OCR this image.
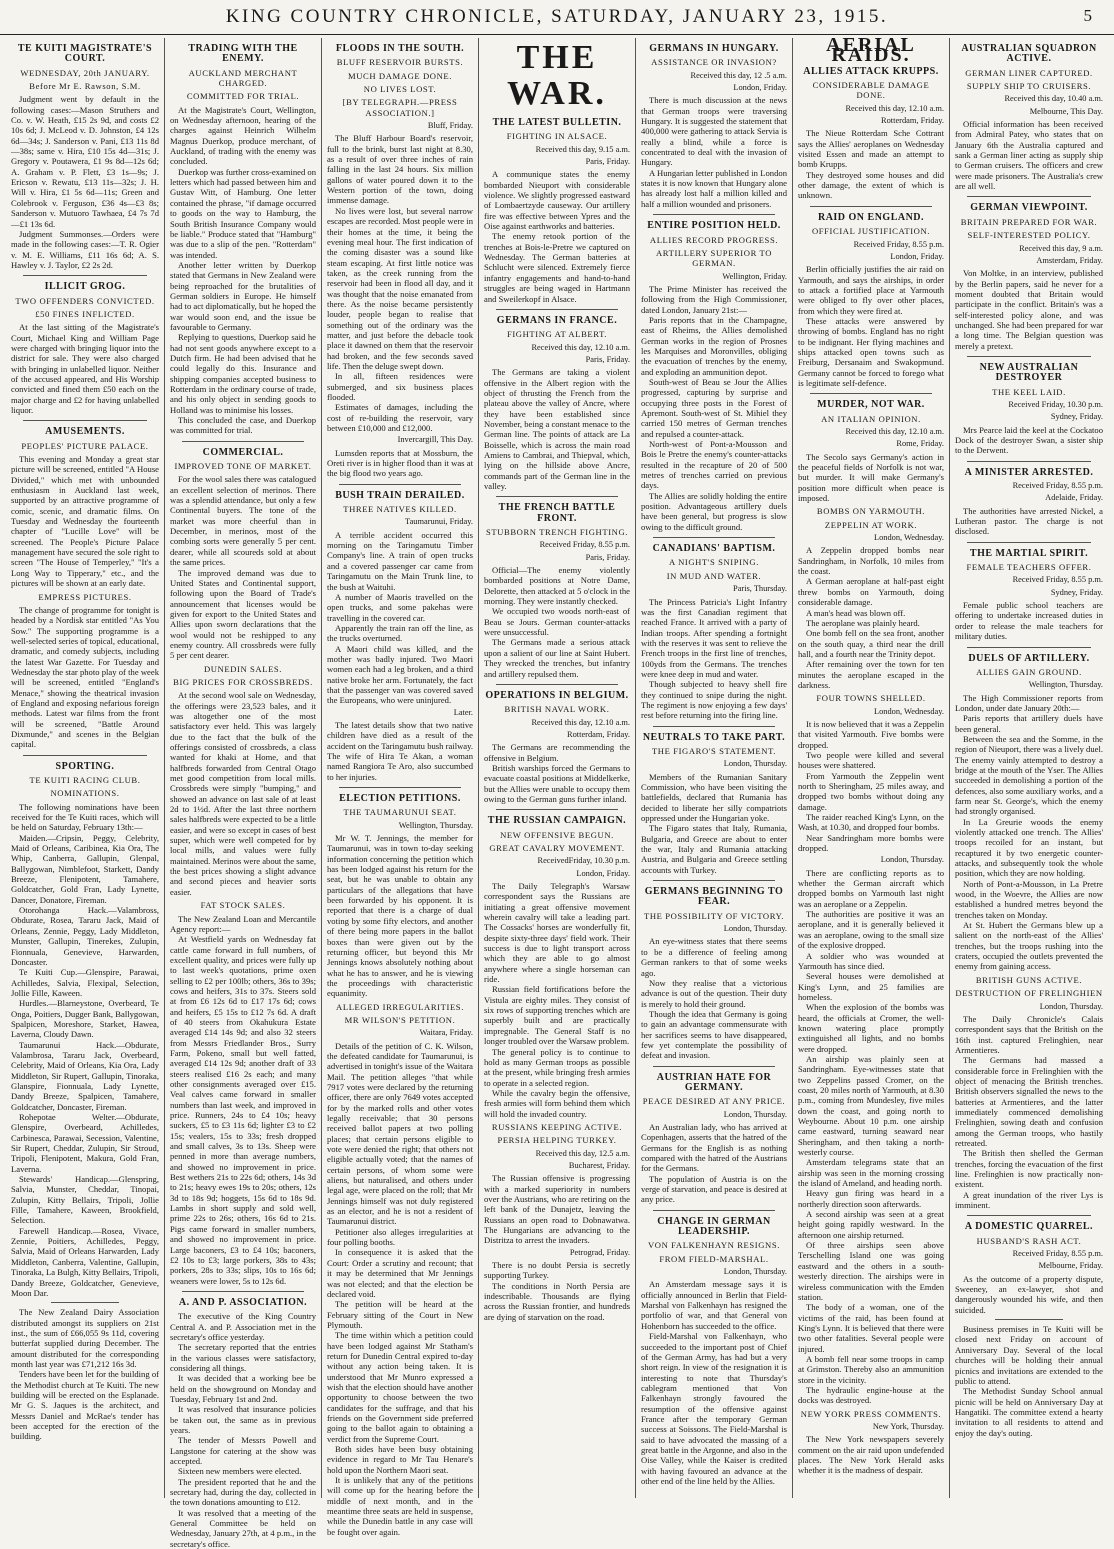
KING COUNTRY CHRONICLE, SATURDAY, JANUARY 23, 1915.	5
TE KUITI MAGISTRATE'S COURT.
WEDNESDAY, 20th JANUARY.
Before Mr E. Rawson, S.M.

Judgment went by default in the following cases:—Mason Struthers and Co. v. W. Heath, £15 2s 9d, and costs £2 10s 6d; J. McLeod v. D. Johnston, £4 12s 6d—34s; J. Sanderson v. Pani, £13 11s 8d—38s; same v. Hira, £10 15s 4d—31s; J. Gregory v. Poutawera, £1 9s 8d—12s 6d; A. Graham v. P. Flett, £3 1s—9s; J. Ericson v. Rewatu, £13 11s—32s; J. H. Will v. Hira, £1 5s 6d—11s; Green and Colebrook v. Ferguson, £36 4s—£3 8s; Sanderson v. Mutuoro Tawhaea, £4 7s 7d—£1 13s 6d.

Judgment Summonses.—Orders were made in the following cases:—T. R. Ogier v. M. E. Williams, £11 16s 6d; A. S. Hawley v. J. Taylor, £2 2s 2d.

ILLICIT GROG.
TWO OFFENDERS CONVICTED.
£50 FINES INFLICTED.

At the last sitting of the Magistrate's Court, Michael King and William Page were charged with bringing liquor into the district for sale. They were also charged with bringing in unlabelled liquor. Neither of the accused appeared, and His Worship convicted and fined them £50 each on the major charge and £2 for having unlabelled liquor.

AMUSEMENTS.
PEOPLES' PICTURE PALACE.

This evening and Monday a great star picture will be screened, entitled "A House Divided," which met with unbounded enthusiasm in Auckland last week, supported by an attractive programme of comic, scenic, and dramatic films. On Tuesday and Wednesday the fourteenth chapter of "Lucille Love" will be screened. The People's Picture Palace management have secured the sole right to screen "The House of Temperley," "It's a Long Way to Tipperary," etc., and the pictures will be shown at an early date.

EMPRESS PICTURES.

The change of programme for tonight is headed by a Nordisk star entitled "As You Sow." The supporting programme is a well-selected series of topical, educational, dramatic, and comedy subjects, including the latest War Gazette. For Tuesday and Wednesday the star photo play of the week will be screened, entitled "England's Menace," showing the theatrical invasion of England and exposing nefarious foreign methods. Latest war films from the front will be screened, "Battle Around Dixmunde," and scenes in the Belgian capital.

SPORTING.
TE KUITI RACING CLUB.
NOMINATIONS.

The following nominations have been received for the Te Kuiti races, which will be held on Saturday, February 13th:—

Maiden.—Cripsin, Peggy, Celebrity, Maid of Orleans, Caribinea, Kia Ora, The Whip, Canberra, Gallupin, Glenpal, Ballygowan, Nimblefoot, Starkett, Dandy Breeze, Flenipotent, Tamahere, Goldcatcher, Gold Fran, Lady Lynette, Dancer, Donatore, Fireman.

Otorohanga Hack.—Valambross, Obdurate, Rosea, Tararu Jack, Maid of Orleans, Zennie, Peggy, Lady Middleton, Munster, Gallupin, Tinerekes, Zulupin, Fionnuala, Genevieve, Harwarden, Doncaster.

Te Kuiti Cup.—Glenspire, Parawai, Achilledes, Salvia, Flexipal, Selection, Jollie Fille, Kaween.

Hurdles.—Blarneystone, Overbeard, Te Onga, Poitiers, Dugger Bank, Ballygowan, Spalpicen, Moreshore, Starket, Hawea, Laverna, Cloudy Dawn.

Taumarunui Hack.—Obdurate, Valambrosa, Tararu Jack, Overbeard, Celebrity, Maid of Orleans, Kia Ora, Lady Middleton, Sir Rupert, Gallupin, Tinoraka, Glanspire, Fionnuala, Lady Lynette, Dandy Breeze, Spalpicen, Tamahere, Goldcatcher, Doncaster, Fireman.

Rohepotae Welter.—Obdurate, Glenspire, Overbeard, Achilledes, Carbinesca, Parawai, Secession, Valentine, Sir Rupert, Cheddar, Zulupin, Sir Stroud, Tripoli, Flenipotent, Makura, Gold Fran, Laverna.

Stewards' Handicap.—Glenspring, Salvia, Munster, Cheddar, Tinopai, Zulupin, Kitty Bellairs, Tripoli, Jollie Fille, Tamahere, Kaween, Brookfield, Selection.

Farewell Handicap.—Rosea, Vivace, Zennie, Poitiers, Achilledes, Peggy, Salvia, Maid of Orleans Harwarden, Lady Middleton, Canberra, Valentine, Gallupin, Tinoraka, La Bulgh, Kitty Bellairs, Tripoli, Dandy Breeze, Goldcatcher, Genevieve, Moon Dar.

The New Zealand Dairy Association distributed amongst its suppliers on 21st inst., the sum of £66,055 9s 11d, covering butterfat supplied during December. The amount distributed for the corresponding month last year was £71,212 16s 3d.

Tenders have been let for the building of the Methodist church at Te Kuiti. The new building will be erected on the Esplanade. Mr G. S. Jaques is the architect, and Messrs Daniel and McRae's tender has been accepted for the erection of the building.

TRADING WITH THE ENEMY.
AUCKLAND MERCHANT CHARGED.
COMMITTED FOR TRIAL.

At the Magistrate's Court, Wellington, on Wednesday afternoon, hearing of the charges against Heinrich Wilhelm Magnus Duerkop, produce merchant, of Auckland, of trading with the enemy was concluded.

Duerkop was further cross-examined on letters which had passed between him and Gustav Witt, of Hamburg. One letter contained the phrase, "if damage occurred to goods on the way to Hamburg, the South British Insurance Company would be liable." Produce stated that "Hamburg" was due to a slip of the pen. "Rotterdam" was intended.

Another letter written by Duerkop stated that Germans in New Zealand were being reproached for the brutalities of German soldiers in Europe. He himself had to act diplomatically, but he hoped the war would soon end, and the issue be favourable to Germany.

Replying to questions, Duerkop said he had not sent goods anywhere except to a Dutch firm. He had been advised that he could legally do this. Insurance and shipping companies accepted business to Rotterdam in the ordinary course of trade, and his only object in sending goods to Holland was to minimise his losses.

This concluded the case, and Duerkop was committed for trial.

COMMERCIAL.
IMPROVED TONE OF MARKET.

For the wool sales there was catalogued an excellent selection of merinos. There was a splendid attendance, but only a few Continental buyers. The tone of the market was more cheerful than in December, in merinos, most of the combing sorts were generally 5 per cent. dearer, while all scoureds sold at about the same prices.

The improved demand was due to United States and Continental support, following upon the Board of Trade's announcement that licenses would be given for export to the United States and Allies upon sworn declarations that the wool would not be reshipped to any enemy country. All crossbreds were fully 5 per cent dearer.

DUNEDIN SALES.
BIG PRICES FOR CROSSBREDS.

At the second wool sale on Wednesday, the offerings were 23,523 bales, and it was altogether one of the most satisfactory ever held. This was largely due to the fact that the bulk of the offerings consisted of crossbreds, a class wanted for khaki at Home, and that halfbreds forwarded from Central Otago met good competition from local mills. Crossbreds were simply "bumping," and showed an advance on last sale of at least 2d to 1½d. After the last three northern sales halfbreds were expected to be a little easier, and were so except in cases of best super, which were well competed for by local mills, and values were fully maintained. Merinos were about the same, the best prices showing a slight advance and second pieces and heavier sorts easier.

FAT STOCK SALES.

The New Zealand Loan and Mercantile Agency report:—

At Westfield yards on Wednesday fat cattle came forward in full numbers, of excellent quality, and prices were fully up to last week's quotations, prime oxen selling to £2 per 100lb; others, 36s to 39s; cows and heifers, 31s to 37s. Steers sold at from £6 12s 6d to £17 17s 6d; cows and heifers, £5 15s to £12 7s 6d. A draft of 40 steers from Okahukura Estate averaged £14 14s 9d; and also 32 steers from Messrs Friedlander Bros., Surry Farm, Pokeno, small but well fatted, averaged £14 12s 9d; another draft of 33 steers realised £16 2s each; and many other consignments averaged over £15. Veal calves came forward in smaller numbers than last week, and improved in price. Runners, 24s to £4 10s; heavy suckers, £5 to £3 11s 6d; lighter £3 to £2 15s; vealers, 15s to 33s; fresh dropped and small calves, 3s to 13s. Sheep were penned in more than average numbers, and showed no improvement in price. Best wethers 21s to 22s 6d; others, 14s 3d to 21s; heavy ewes 19s to 20s; others, 12s 3d to 18s 9d; hoggets, 15s 6d to 18s 9d. Lambs in short supply and sold well, prime 22s to 26s; others, 16s 6d to 21s. Pigs came forward in smaller numbers, and showed no improvement in price. Large baconers, £3 to £4 10s; baconers, £2 10s to £3; large porkers, 38s to 43s; porkers, 28s to 33s; slips, 10s to 16s 6d; weaners were lower, 5s to 12s 6d.

A. AND P. ASSOCIATION.

The executive of the King Country Central A. and P. Association met in the secretary's office yesterday.

The secretary reported that the entries in the various classes were satisfactory, considering all things.

It was decided that a working bee be held on the showground on Monday and Tuesday, February 1st and 2nd.

It was resolved that insurance policies be taken out, the same as in previous years.

The tender of Messrs Powell and Langstone for catering at the show was accepted.

Sixteen new members were elected.

The president reported that he and the secretary had, during the day, collected in the town donations amounting to £12.

It was resolved that a meeting of the General Committee be held on Wednesday, January 27th, at 4 p.m., in the secretary's office.

FLOODS IN THE SOUTH.
BLUFF RESERVOIR BURSTS.
MUCH DAMAGE DONE.
NO LIVES LOST.
[BY TELEGRAPH.—PRESS ASSOCIATION.]
Bluff, Friday.

The Bluff Harbour Board's reservoir, full to the brink, burst last night at 8.30, as a result of over three inches of rain falling in the last 24 hours. Six million gallons of water poured down it to the Western portion of the town, doing immense damage.

No lives were lost, but several narrow escapes are recorded. Most people were in their homes at the time, it being the evening meal hour. The first indication of the coming disaster was a sound like steam escaping. At first little notice was taken, as the creek running from the reservoir had been in flood all day, and it was thought that the noise emanated from there. As the noise became persistently louder, people began to realise that something out of the ordinary was the matter, and just before the debacle took place it dawned on them that the reservoir had broken, and the few seconds saved life. Then the deluge swept down.

In all, fifteen residences were submerged, and six business places flooded.

Estimates of damages, including the cost of re-building the reservoir, vary between £10,000 and £12,000.

Invercargill, This Day.

Lumsden reports that at Mossburn, the Oreti river is in higher flood than it was at the big flood two years ago.

BUSH TRAIN DERAILED.
THREE NATIVES KILLED.
Taumarunui, Friday.

A terrible accident occurred this morning on the Taringamutu Timber Company's line. A train of open trucks and a covered passenger car came from Taringamutu on the Main Trunk line, to the bush at Waituhi.

A number of Maoris travelled on the open trucks, and some pakehas were travelling in the covered car.

Apparently the train ran off the line, as the trucks overturned.

A Maori child was killed, and the mother was badly injured. Two Maori women each had a leg broken, and a third native broke her arm. Fortunately, the fact that the passenger van was covered saved the Europeans, who were uninjured.

Later.

The latest details show that two native children have died as a result of the accident on the Taringamutu bush railway. The wife of Hira Te Akan, a woman named Rangiora Te Aro, also succumbed to her injuries.

ELECTION PETITIONS.
THE TAUMARUNUI SEAT.
Wellington, Thursday.

Mr W. T. Jennings, the member for Taumarunui, was in town to-day seeking information concerning the petition which has been lodged against his return for the seat, but he was unable to obtain any particulars of the allegations that have been forwarded by his opponent. It is reported that there is a charge of dual voting by some fifty electors, and another of there being more papers in the ballot boxes than were given out by the returning officer, but beyond this Mr Jennings knows absolutely nothing about what he has to answer, and he is viewing the proceedings with characteristic equanimity.

ALLEGED IRREGULARITIES.
MR WILSON'S PETITION.
Waitara, Friday.

Details of the petition of C. K. Wilson, the defeated candidate for Taumarunui, is advertised in tonight's issue of the Waitara Mail. The petition alleges "that while 7917 votes were declared by the returning officer, there are only 7649 votes accepted for by the marked rolls and other votes legally receivable; that 30 persons received ballot papers at two polling places; that certain persons eligible to vote were denied the right; that others not eligible actually voted; that the names of certain persons, of whom some were aliens, but naturalised, and others under legal age, were placed on the roll; that Mr Jennings himself was not duly registered as an elector, and he is not a resident of Taumarunui district.

Petitioner also alleges irregularities at four polling booths.

In consequence it is asked that the Court: Order a scrutiny and recount; that it may be determined that Mr Jennings was not elected; and that the election be declared void.

The petition will be heard at the February sitting of the Court in New Plymouth.

The time within which a petition could have been lodged against Mr Statham's return for Dunedin Central expired to-day without any action being taken. It is understood that Mr Munro expressed a wish that the election should have another opportunity to choose between the two candidates for the suffrage, and that his friends on the Government side preferred going to the ballot again to obtaining a verdict from the Supreme Court.

Both sides have been busy obtaining evidence in regard to Mr Tau Henare's hold upon the Northern Maori seat.

It is unlikely that any of the petitions will come up for the hearing before the middle of next month, and in the meantime three seats are held in suspense, while the Dunedin battle in any case will be fought over again.

THE WAR.
THE LATEST BULLETIN.
FIGHTING IN ALSACE.
Received this day, 9.15 a.m.
Paris, Friday.

A communique states the enemy bombarded Nieuport with considerable violence. We slightly progressed eastward of Lombaertzyde causeway. Our artillery fire was effective between Ypres and the Oise against earthworks and batteries.

The enemy retook portion of the trenches at Bois-le-Pretre we captured on Wednesday. The German batteries at Schlucht were silenced. Extremely fierce infantry engagements and hand-to-hand struggles are being waged in Hartmann and Sweilerkopf in Alsace.

GERMANS IN FRANCE.
FIGHTING AT ALBERT.
Received this day, 12.10 a.m.
Paris, Friday.

The Germans are taking a violent offensive in the Albert region with the object of thrusting the French from the plateau above the valley of Ancre, where they have been established since November, being a constant menace to the German line. The points of attack are La Boisselle, which is across the main road Amiens to Cambrai, and Thiepval, which, lying on the hillside above Ancre, commands part of the German line in the valley.

THE FRENCH BATTLE FRONT.
STUBBORN TRENCH FIGHTING.
Received Friday, 8.55 p.m.
Paris, Friday.

Official—The enemy violently bombarded positions at Notre Dame, Delorette, then attacked at 5 o'clock in the morning. They were instantly checked.

We occupied two woods north-east of Beau se Jours. German counter-attacks were unsuccessful.

The Germans made a serious attack upon a salient of our line at Saint Hubert. They wrecked the trenches, but infantry and artillery repulsed them.

OPERATIONS IN BELGIUM.
BRITISH NAVAL WORK.
Received this day, 12.10 a.m.
Rotterdam, Friday.

The Germans are recommending the offensive in Belgium.

British warships forced the Germans to evacuate coastal positions at Middelkerke, but the Allies were unable to occupy them owing to the German guns further inland.

THE RUSSIAN CAMPAIGN.
NEW OFFENSIVE BEGUN.
GREAT CAVALRY MOVEMENT.
ReceivedFriday, 10.30 p.m.
London, Friday.

The Daily Telegraph's Warsaw correspondent says the Russians are initiating a great offensive movement wherein cavalry will take a leading part. The Cossacks' horses are wonderfully fit, despite sixty-three days' field work. Their success is due to light transport across which they are able to go almost anywhere where a single horseman can ride.

Russian field fortifications before the Vistula are eighty miles. They consist of six rows of supporting trenches which are superbly built and are practically impregnable. The General Staff is no longer troubled over the Warsaw problem.

The general policy is to continue to hold as many German troops as possible at the present, while bringing fresh armies to operate in a selected region.

While the cavalry begin the offensive, fresh armies will form behind them which will hold the invaded country.

RUSSIANS KEEPING ACTIVE.
PERSIA HELPING TURKEY.
Received this day, 12.5 a.m.
Bucharest, Friday.

The Russian offensive is progressing with a marked superiority in numbers over the Austrians, who are retiring on the left bank of the Dunajetz, leaving the Russians an open road to Dobnawatwa. The Hungarians are advancing to the Distritza to arrest the invaders.

Petrograd, Friday.

There is no doubt Persia is secretly supporting Turkey.

The conditions in North Persia are indescribable. Thousands are flying across the Russian frontier, and hundreds are dying of starvation on the road.

GERMANS IN HUNGARY.
ASSISTANCE OR INVASION?
Received this day, 12 .5 a.m.
London, Friday.

There is much discussion at the news that German troops were traversing Hungary. It is suggested the statement that 400,000 were gathering to attack Servia is really a blind, while a force is concentrated to deal with the invasion of Hungary.

A Hungarian letter published in London states it is now known that Hungary alone has already lost half a million killed and half a million wounded and prisoners.

ENTIRE POSITION HELD.
ALLIES RECORD PROGRESS.
ARTILLERY SUPERIOR TO GERMAN.
Wellington, Friday.

The Prime Minister has received the following from the High Commissioner, dated London, January 21st:—

Paris reports that in the Champagne, east of Rheims, the Allies demolished German works in the region of Prosnes les Marquises and Moronvilles, obliging the evacuation of trenches by the enemy, and exploding an ammunition depot.

South-west of Beau se Jour the Allies progressed, capturing by surprise and occupying three posts in the Forest of Apremont. South-west of St. Mihiel they carried 150 metres of German trenches and repulsed a counter-attack.

North-west of Pont-a-Mousson and Bois le Pretre the enemy's counter-attacks resulted in the recapture of 20 of 500 metres of trenches carried on previous days.

The Allies are solidly holding the entire position. Advantageous artillery duels have been general, but progress is slow owing to the difficult ground.

CANADIANS' BAPTISM.
A NIGHT'S SNIPING.
IN MUD AND WATER.
Paris, Thursday.

The Princess Patricia's Light Infantry was the first Canadian regiment that reached France. It arrived with a party of Indian troops. After spending a fortnight with the reserves it was sent to relieve the French troops in the first line of trenches, 100yds from the Germans. The trenches were knee deep in mud and water.

Though subjected to heavy shell fire they continued to snipe during the night. The regiment is now enjoying a few days' rest before returning into the firing line.

NEUTRALS TO TAKE PART.
THE FIGARO'S STATEMENT.
London, Thursday.

Members of the Rumanian Sanitary Commission, who have been visiting the battlefields, declared that Rumania has decided to liberate her silly compatriots oppressed under the Hungarian yoke.

The Figaro states that Italy, Rumania, Bulgaria, and Greece are about to enter the war, Italy and Rumania attacking Austria, and Bulgaria and Greece settling accounts with Turkey.

GERMANS BEGINNING TO FEAR.
THE POSSIBILITY OF VICTORY.
London, Thursday.

An eye-witness states that there seems to be a difference of feeling among German rankers to that of some weeks ago.

Now they realise that a victorious advance is out of the question. Their duty is merely to hold their ground.

Though the idea that Germany is going to gain an advantage commensurate with her sacrifices seems to have disappeared, few yet contemplate the possibility of defeat and invasion.

AUSTRIAN HATE FOR GERMANY.
PEACE DESIRED AT ANY PRICE.
London, Thursday.

An Australian lady, who has arrived at Copenhagen, asserts that the hatred of the Germans for the English is as nothing compared with the hatred of the Austrians for the Germans.

The population of Austria is on the verge of starvation, and peace is desired at any price.

CHANGE IN GERMAN LEADERSHIP.
VON FALKENHAYN RESIGNS.
FROM FIELD-MARSHAL.
London, Thursday.

An Amsterdam message says it is officially announced in Berlin that Field-Marshal von Falkenhayn has resigned the portfolio of war, and that General von Hohenborn has succeeded to the office.

Field-Marshal von Falkenhayn, who succeeded to the important post of Chief of the German Army, has had but a very short reign. In view of the resignation it is interesting to note that Thursday's cablegram mentioned that Von Falkenhayn strongly favoured the resumption of the offensive against France after the temporary German success at Soissons. The Field-Marshal is said to have advocated the massing of a great battle in the Argonne, and also in the Oise Valley, while the Kaiser is credited with having favoured an advance at the other end of the line held by the Allies.

AERIAL RAIDS.
ALLIES ATTACK KRUPPS.
CONSIDERABLE DAMAGE DONE.
Received this day, 12.10 a.m.
Rotterdam, Friday.

The Nieue Rotterdam Sche Cottrant says the Allies' aeroplanes on Wednesday visited Essen and made an attempt to bomb Krupps.

They destroyed some houses and did other damage, the extent of which is unknown.

RAID ON ENGLAND.
OFFICIAL JUSTIFICATION.
Received Friday, 8.55 p.m.
London, Friday.

Berlin officially justifies the air raid on Yarmouth, and says the airships, in order to attack a fortified place at Yarmouth were obliged to fly over other places, from which they were fired at.

These attacks were answered by throwing of bombs. England has no right to be indignant. Her flying machines and ships attacked open towns such as Freiburg, Dersanaim and Swakopmund. Germany cannot be forced to forego what is legitimate self-defence.

MURDER, NOT WAR.
AN ITALIAN OPINION.
Received this day, 12.10 a.m.
Rome, Friday.

The Secolo says Germany's action in the peaceful fields of Norfolk is not war, but murder. It will make Germany's position more difficult when peace is imposed.

BOMBS ON YARMOUTH.
ZEPPELIN AT WORK.
London, Wednesday.

A Zeppelin dropped bombs near Sandringham, in Norfolk, 10 miles from the coast.

A German aeroplane at half-past eight threw bombs on Yarmouth, doing considerable damage.

A man's head was blown off.

The aeroplane was plainly heard.

One bomb fell on the sea front, another on the south quay, a third near the drill hall, and a fourth near the Trinity depot.

After remaining over the town for ten minutes the aeroplane escaped in the darkness.

FOUR TOWNS SHELLED.
London, Wednesday.

It is now believed that it was a Zeppelin that visited Yarmouth. Five bombs were dropped.

Two people were killed and several houses were shattered.

From Yarmouth the Zeppelin went north to Sheringham, 25 miles away, and dropped two bombs without doing any damage.

The raider reached King's Lynn, on the Wash, at 10.30, and dropped four bombs.

Near Sandringham more bombs were dropped.

London, Thursday.

There are conflicting reports as to whether the German aircraft which dropped bombs on Yarmouth last night was an aeroplane or a Zeppelin.

The authorities are positive it was an aeroplane, and it is generally believed it was an aeroplane, owing to the small size of the explosive dropped.

A soldier who was wounded at Yarmouth has since died.

Several houses were demolished at King's Lynn, and 25 families are homeless.

When the explosion of the bombs was heard, the officials at Cromer, the well-known watering place promptly extinguished all lights, and no bombs were dropped.

An airship was plainly seen at Sandringham. Eye-witnesses state that two Zeppelins passed Cromer, on the coast, 20 miles north of Yarmouth, at 8.30 p.m., coming from Mundesley, five miles down the coast, and going north to Weybourne. About 10 p.m. one airship came eastward, turning seaward near Sheringham, and then taking a north-westerly course.

Amsterdam telegrams state that an airship was seen in the morning crossing the island of Ameland, and heading north.

Heavy gun firing was heard in a northerly direction soon afterwards.

A second airship was seen at a great height going rapidly westward. In the afternoon one airship returned.

Of three airships seen above Terschelling Island one was going eastward and the others in a south-westerly direction. The airships were in wireless communication with the Emden station.

The body of a woman, one of the victims of the raid, has been found at King's Lynn. It is believed that there were two other fatalities. Several people were injured.

A bomb fell near some troops in camp at Grimston. Thereby also an ammunition store in the vicinity.

The hydraulic engine-house at the docks was destroyed.

NEW YORK PRESS COMMENTS.
New York, Thursday.

The New York newspapers severely comment on the air raid upon undefended places. The New York Herald asks whether it is the madness of despair.

AUSTRALIAN SQUADRON ACTIVE.
GERMAN LINER CAPTURED.
SUPPLY SHIP TO CRUISERS.
Received this day, 10.40 a.m.
Melbourne, This Day.

Official information has been received from Admiral Patey, who states that on January 6th the Australia captured and sank a German liner acting as supply ship to German cruisers. The officers and crew were made prisoners. The Australia's crew are all well.

GERMAN VIEWPOINT.
BRITAIN PREPARED FOR WAR.
SELF-INTERESTED POLICY.
Received this day, 9 a.m.
Amsterdam, Friday.

Von Moltke, in an interview, published by the Berlin papers, said he never for a moment doubted that Britain would participate in the conflict. Britain's was a self-interested policy alone, and was unchanged. She had been prepared for war a long time. The Belgian question was merely a pretext.

NEW AUSTRALIAN DESTROYER
THE KEEL LAID.
Received Friday, 10.30 p.m.
Sydney, Friday.

Mrs Pearce laid the keel at the Cockatoo Dock of the destroyer Swan, a sister ship to the Derwent.

A MINISTER ARRESTED.
Received Friday, 8.55 p.m.
Adelaide, Friday.

The authorities have arrested Nickel, a Lutheran pastor. The charge is not disclosed.

THE MARTIAL SPIRIT.
FEMALE TEACHERS OFFER.
Received Friday, 8.55 p.m.
Sydney, Friday.

Female public school teachers are offering to undertake increased duties in order to release the male teachers for military duties.

DUELS OF ARTILLERY.
ALLIES GAIN GROUND.
Wellington, Thursday.

The High Commissioner reports from London, under date January 20th:—

Paris reports that artillery duels have been general.

Between the sea and the Somme, in the region of Nieuport, there was a lively duel. The enemy vainly attempted to destroy a bridge at the mouth of the Yser. The Allies succeeded in demolishing a portion of the defences, also some auxiliary works, and a farm near St. George's, which the enemy had strongly organised.

In La Greurie woods the enemy violently attacked one trench. The Allies' troops recoiled for an instant, but recaptured it by two energetic counter-attacks, and subsequently took the whole position, which they are now holding.

North of Pont-a-Mousson, in La Pretre wood, in the Woevre, the Allies are now established a hundred metres beyond the trenches taken on Monday.

At St. Hubert the Germans blew up a salient on the north-east of the Allies' trenches, but the troops rushing into the craters, occupied the outlets prevented the enemy from gaining access.

BRITISH GUNS ACTIVE.
DESTRUCTION OF FRELINGHIEN
London, Thursday.

The Daily Chronicle's Calais correspondent says that the British on the 16th inst. captured Frelinghien, near Armentieres.

The Germans had massed a considerable force in Frelinghien with the object of menacing the British trenches. British observers signalled the news to the batteries at Armentieres, and the latter immediately commenced demolishing Frelinghien, sowing death and confusion among the German troops, who hastily retreated.

The British then shelled the German trenches, forcing the evacuation of the first line. Frelinghien is now practically non-existent.

A great inundation of the river Lys is imminent.

A DOMESTIC QUARREL.
HUSBAND'S RASH ACT.
Received Friday, 8.55 p.m.
Melbourne, Friday.

As the outcome of a property dispute, Sweeney, an ex-lawyer, shot and dangerously wounded his wife, and then suicided.

Business premises in Te Kuiti will be closed next Friday on account of Anniversary Day. Several of the local churches will be holding their annual picnics and invitations are extended to the public to attend.

The Methodist Sunday School annual picnic will be held on Anniversary Day at Hangatiki. The committee extend a hearty invitation to all residents to attend and enjoy the day's outing.
